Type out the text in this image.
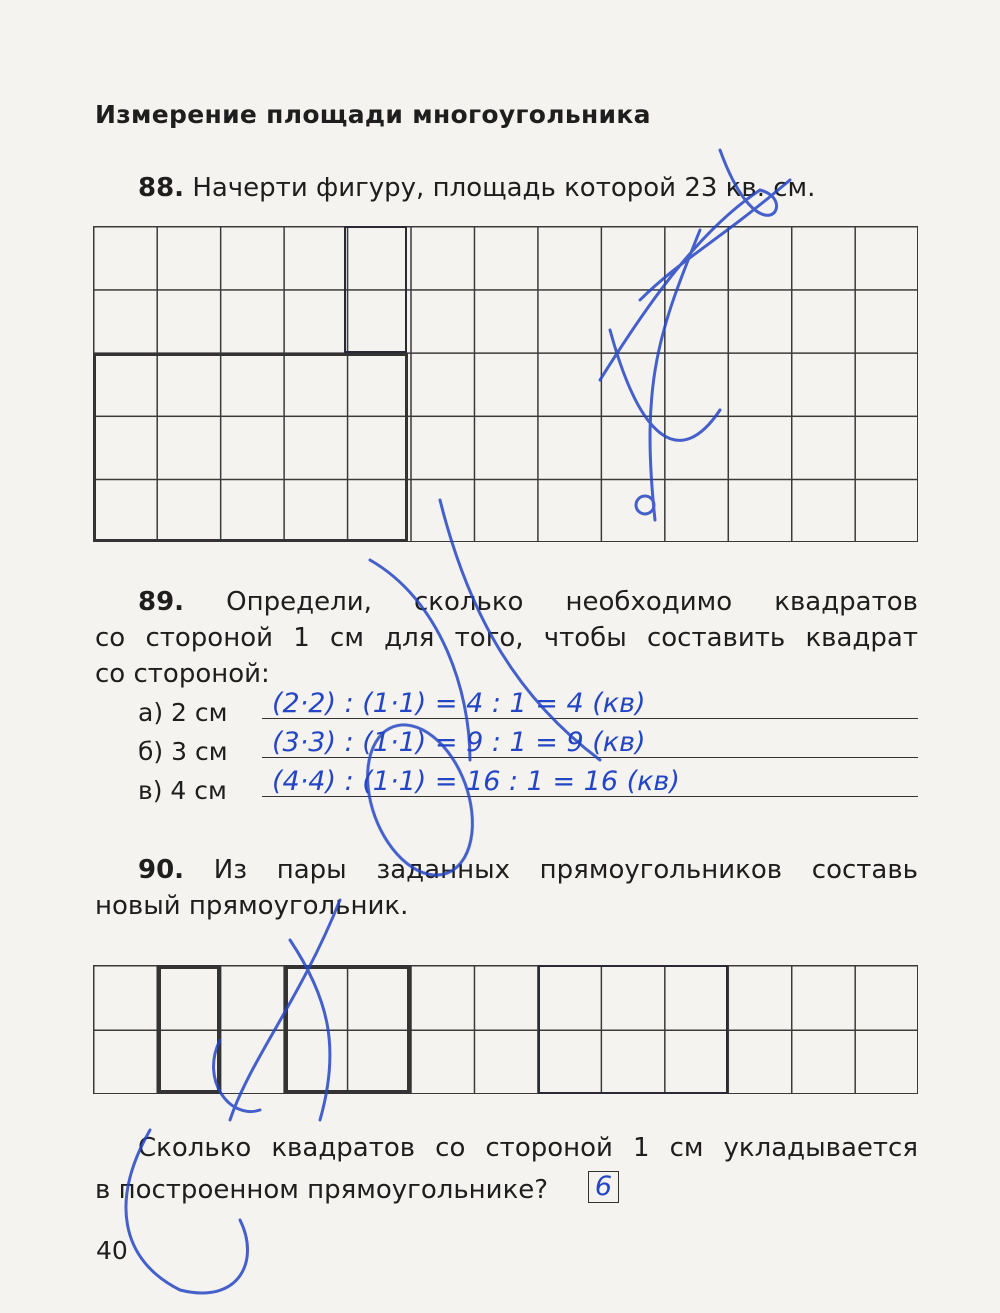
Измерение площади многоугольника

88. Начерти фигуру, площадь которой 23 кв. см.

89. Определи, сколько необходимо квадратов

со стороной 1 см для того, чтобы составить квадрат

со стороной:

а) 2 см (2·2) : (1·1) = 4 : 1 = 4 (кв)
б) 3 см (3·3) : (1·1) = 9 : 1 = 9 (кв)
в) 4 см (4·4) : (1·1) = 16 : 1 = 16 (кв)

90. Из пары заданных прямоугольников составь

новый прямоугольник.

Сколько квадратов со стороной 1 см укладывается

в построенном прямоугольнике?	6
40
